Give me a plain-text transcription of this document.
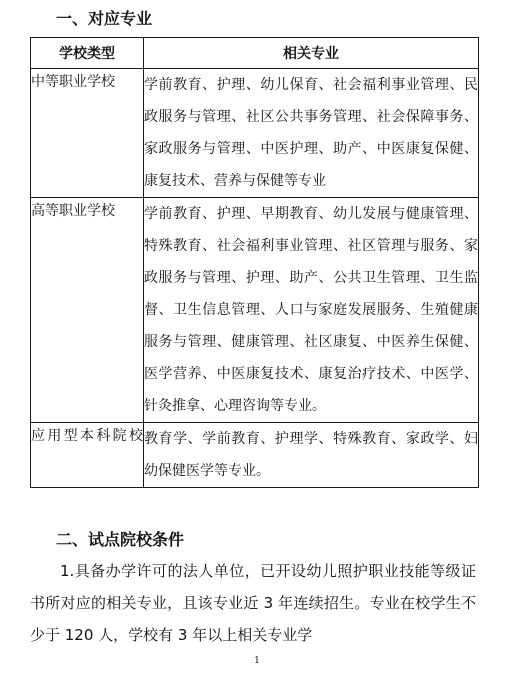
一、对应专业
学校类型	相关专业
中等职业学校	学前教育、护理、幼儿保育、社会福利事业管理、民政服务与管理、社区公共事务管理、社会保障事务、家政服务与管理、中医护理、助产、中医康复保健、康复技术、营养与保健等专业
高等职业学校	学前教育、护理、早期教育、幼儿发展与健康管理、特殊教育、社会福利事业管理、社区管理与服务、家政服务与管理、护理、助产、公共卫生管理、卫生监督、卫生信息管理、人口与家庭发展服务、生殖健康服务与管理、健康管理、社区康复、中医养生保健、医学营养、中医康复技术、康复治疗技术、中医学、针灸推拿、心理咨询等专业。
应用型本科院校	教育学、学前教育、护理学、特殊教育、家政学、妇幼保健医学等专业。
二、试点院校条件
1.具备办学许可的法人单位，已开设幼儿照护职业技能等级证书所对应的相关专业，且该专业近 3 年连续招生。专业在校学生不少于 120 人，学校有 3 年以上相关专业学
1
